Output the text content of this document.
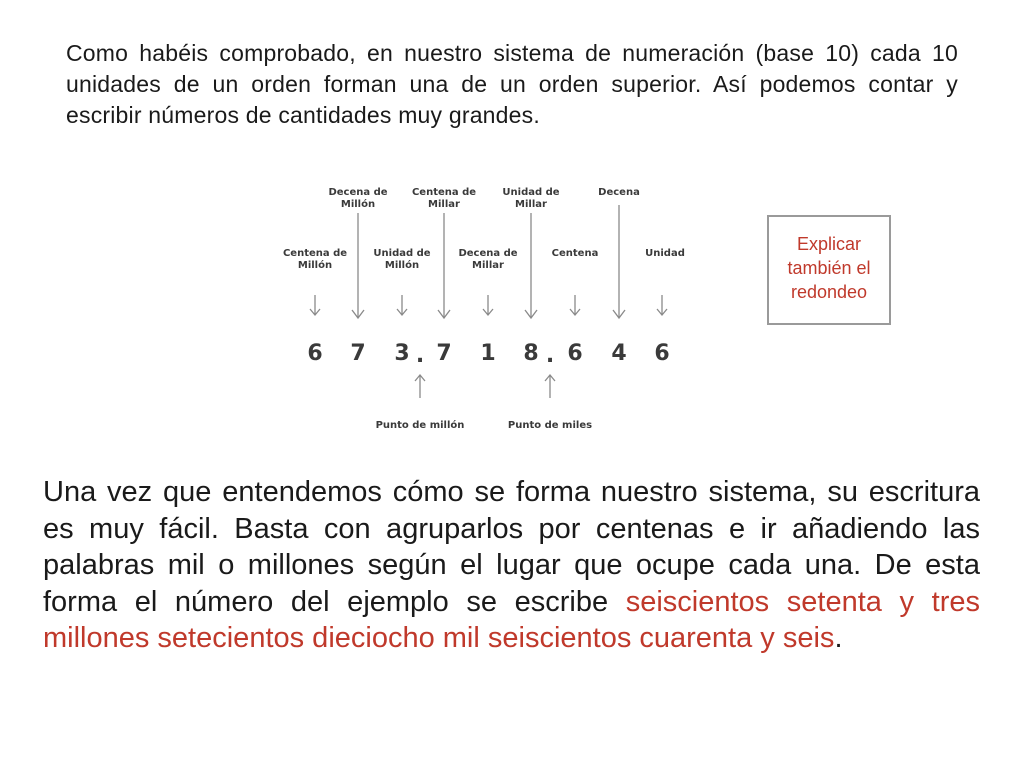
Como habéis comprobado, en nuestro sistema de numeración (base 10) cada 10 unidades de un orden forman una de un orden superior. Así podemos contar y escribir números de cantidades muy grandes.

Decena de
Millón
Centena de
Millar
Unidad de
Millar
Decena
Centena de
Millón
Unidad de
Millón
Decena de
Millar
Centena	Unidad
6 7 3 . 7 1 8 . 6 4 6
Punto de millón	Punto de miles
Explicar
también el
redondeo

Una vez que entendemos cómo se forma nuestro sistema, su escritura es muy fácil. Basta con agruparlos por centenas e ir añadiendo las palabras mil o millones según el lugar que ocupe cada una. De esta forma el número del ejemplo se escribe seiscientos setenta y tres millones setecientos dieciocho mil seiscientos cuarenta y seis.
